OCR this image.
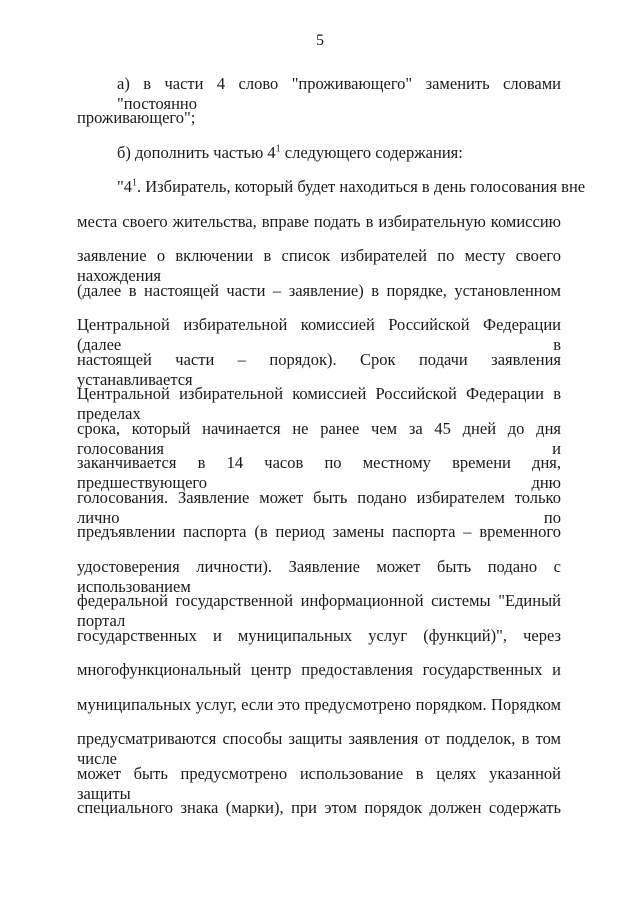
5
а) в части 4 слово "проживающего" заменить словами "постоянно
проживающего";
б) дополнить частью $4^1$ следующего содержания:
"$4^1$. Избиратель, который будет находиться в день голосования вне
места своего жительства, вправе подать в избирательную комиссию
заявление о включении в список избирателей по месту своего нахождения
(далее в настоящей части – заявление) в порядке, установленном
Центральной избирательной комиссией Российской Федерации (далее в
настоящей части – порядок). Срок подачи заявления устанавливается
Центральной избирательной комиссией Российской Федерации в пределах
срока, который начинается не ранее чем за 45 дней до дня голосования и
заканчивается в 14 часов по местному времени дня, предшествующего дню
голосования. Заявление может быть подано избирателем только лично по
предъявлении паспорта (в период замены паспорта – временного
удостоверения личности). Заявление может быть подано с использованием
федеральной государственной информационной системы "Единый портал
государственных и муниципальных услуг (функций)", через
многофункциональный центр предоставления государственных и
муниципальных услуг, если это предусмотрено порядком. Порядком
предусматриваются способы защиты заявления от подделок, в том числе
может быть предусмотрено использование в целях указанной защиты
специального знака (марки), при этом порядок должен содержать
